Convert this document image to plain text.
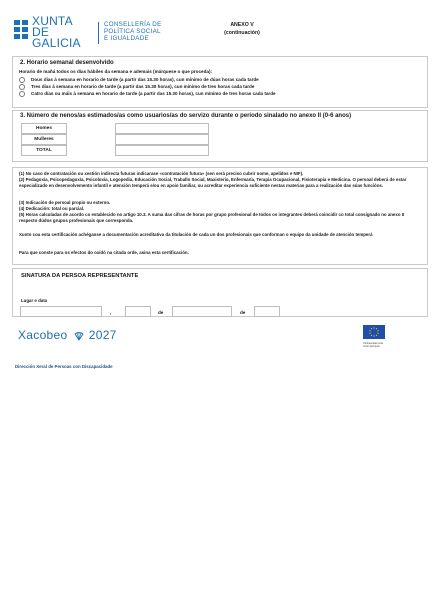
XUNTA
DE GALICIA
CONSELLERÍA DE
POLÍTICA SOCIAL
E IGUALDADE
ANEXO V
(continuación)
2. Horario semanal desenvolvido
Horario de mañá todos os días hábiles da semana e ademais (márquese o que proceda):
Dous días á semana en horario de tarde (a partir das 15.30 horas), cun mínimo de dúas horas cada tarde
Tres días á semana en horario de tarde (a partir das 15.30 horas), cun mínimo de tres horas cada tarde
Catro días ou máis á semana en horario de tarde (a partir das 15.30 horas), cun mínimo de tres horas cada tarde
3. Número de nenos/as estimados/as como usuarios/as do servizo durante o período sinalado no anexo II (0-6 anos)
Homes
Mulleres
TOTAL
(1) No caso de contratación ou xestión indirecta futuras indicarase «contratación futura» (sen será preciso cubrir nome, apelidos e NIF).
(2) Pedagoxía, Psicopedagoxía, Psicoloxía, Logopedia, Educación Social, Traballo Social, Maxisterio, Enfermaría, Terapia Ocupacional, Fisioterapia e Medicina. O persoal deberá de estar especializado en desenvolvemento infantil e atención temperá e/ou en apoio familiar, ou acreditar experiencia suficiente nestas materias para a realización das súas funcións.
(3) Indicación de persoal propio ou externo.
(4) Dedicación: total ou parcial.
(5) Horas calculadas de acordo co establecido no artigo 10.3. A suma das cifras de horas por grupo profesional de todos os integrantes deberá coincidir co total consignado no anexo II respecto dúdos grupos profesionais que corresponda.
Xunto coa esta certificación achéganse a documentación acreditativa da titulación de cada un dos profesionais que conforman o equipo da unidade de atención temperá
Para que conste para os efectos do oxidó na citada orde, asina esta certificación.
SINATURA DA PERSOA REPRESENTANTE
Lugar e data
,	de	de
Xacobeo 2027
Cofinanciado pola
Unión Europea
Dirección Xeral de Persoas con Discapacidade
